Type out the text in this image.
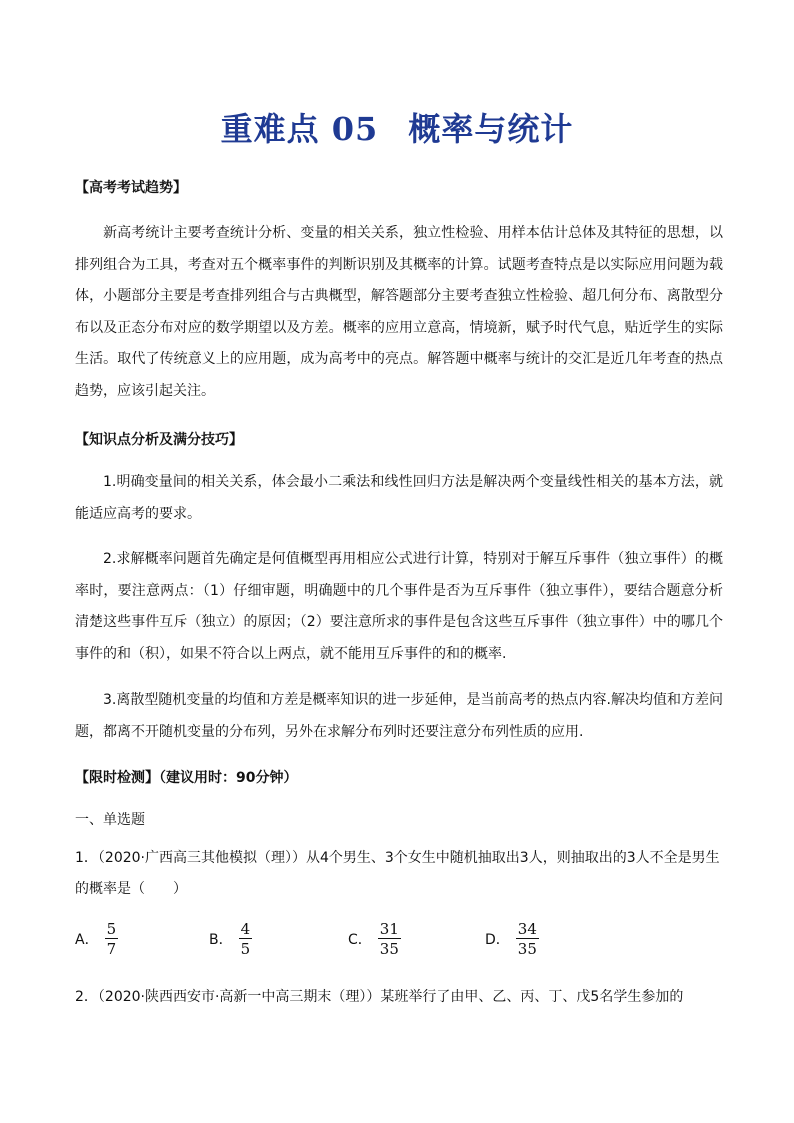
重难点 05 概率与统计
【高考考试趋势】
新高考统计主要考查统计分析、变量的相关关系，独立性检验、用样本估计总体及其特征的思想，以排列组合为工具，考查对五个概率事件的判断识别及其概率的计算。试题考查特点是以实际应用问题为载体，小题部分主要是考查排列组合与古典概型，解答题部分主要考查独立性检验、超几何分布、离散型分布以及正态分布对应的数学期望以及方差。概率的应用立意高，情境新，赋予时代气息，贴近学生的实际生活。取代了传统意义上的应用题，成为高考中的亮点。解答题中概率与统计的交汇是近几年考查的热点趋势，应该引起关注。
【知识点分析及满分技巧】
1.明确变量间的相关关系，体会最小二乘法和线性回归方法是解决两个变量线性相关的基本方法，就能适应高考的要求。
2.求解概率问题首先确定是何值概型再用相应公式进行计算，特别对于解互斥事件（独立事件）的概率时，要注意两点：（1）仔细审题，明确题中的几个事件是否为互斥事件（独立事件），要结合题意分析清楚这些事件互斥（独立）的原因；（2）要注意所求的事件是包含这些互斥事件（独立事件）中的哪几个事件的和（积），如果不符合以上两点，就不能用互斥事件的和的概率.
3.离散型随机变量的均值和方差是概率知识的进一步延伸，是当前高考的热点内容.解决均值和方差问题，都离不开随机变量的分布列，另外在求解分布列时还要注意分布列性质的应用.
【限时检测】（建议用时：90分钟）
一、单选题
1．（2020·广西高三其他模拟（理））从4个男生、3个女生中随机抽取出3人，则抽取出的3人不全是男生的概率是（　　）
A． $\frac{5}{7}$	B． $\frac{4}{5}$	C． $\frac{31}{35}$	D． $\frac{34}{35}$
2．（2020·陕西西安市·高新一中高三期末（理））某班举行了由甲、乙、丙、丁、戊5名学生参加的
